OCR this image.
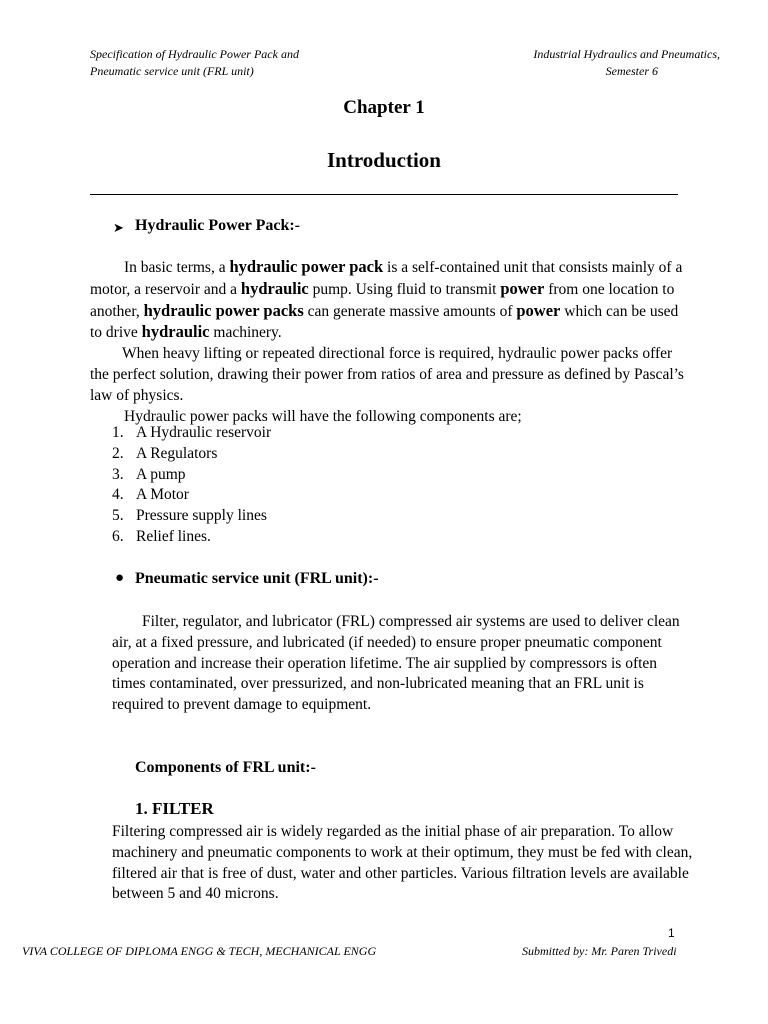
Specification of Hydraulic Power Pack and
Pneumatic service unit (FRL unit)
Industrial Hydraulics and Pneumatics,
Semester 6
Chapter 1
Introduction
➤ Hydraulic Power Pack:-
In basic terms, a hydraulic power pack is a self-contained unit that consists mainly of a motor, a reservoir and a hydraulic pump. Using fluid to transmit power from one location to another, hydraulic power packs can generate massive amounts of power which can be used to drive hydraulic machinery.
When heavy lifting or repeated directional force is required, hydraulic power packs offer the perfect solution, drawing their power from ratios of area and pressure as defined by Pascal’s law of physics.
Hydraulic power packs will have the following components are;
1. A Hydraulic reservoir
2. A Regulators
3. A pump
4. A Motor
5. Pressure supply lines
6. Relief lines.
● Pneumatic service unit (FRL unit):-
Filter, regulator, and lubricator (FRL) compressed air systems are used to deliver clean air, at a fixed pressure, and lubricated (if needed) to ensure proper pneumatic component operation and increase their operation lifetime. The air supplied by compressors is often times contaminated, over pressurized, and non-lubricated meaning that an FRL unit is required to prevent damage to equipment.
Components of FRL unit:-
1. FILTER
Filtering compressed air is widely regarded as the initial phase of air preparation. To allow machinery and pneumatic components to work at their optimum, they must be fed with clean, filtered air that is free of dust, water and other particles. Various filtration levels are available between 5 and 40 microns.
1
VIVA COLLEGE OF DIPLOMA ENGG & TECH, MECHANICAL ENGG	Submitted by: Mr. Paren Trivedi
